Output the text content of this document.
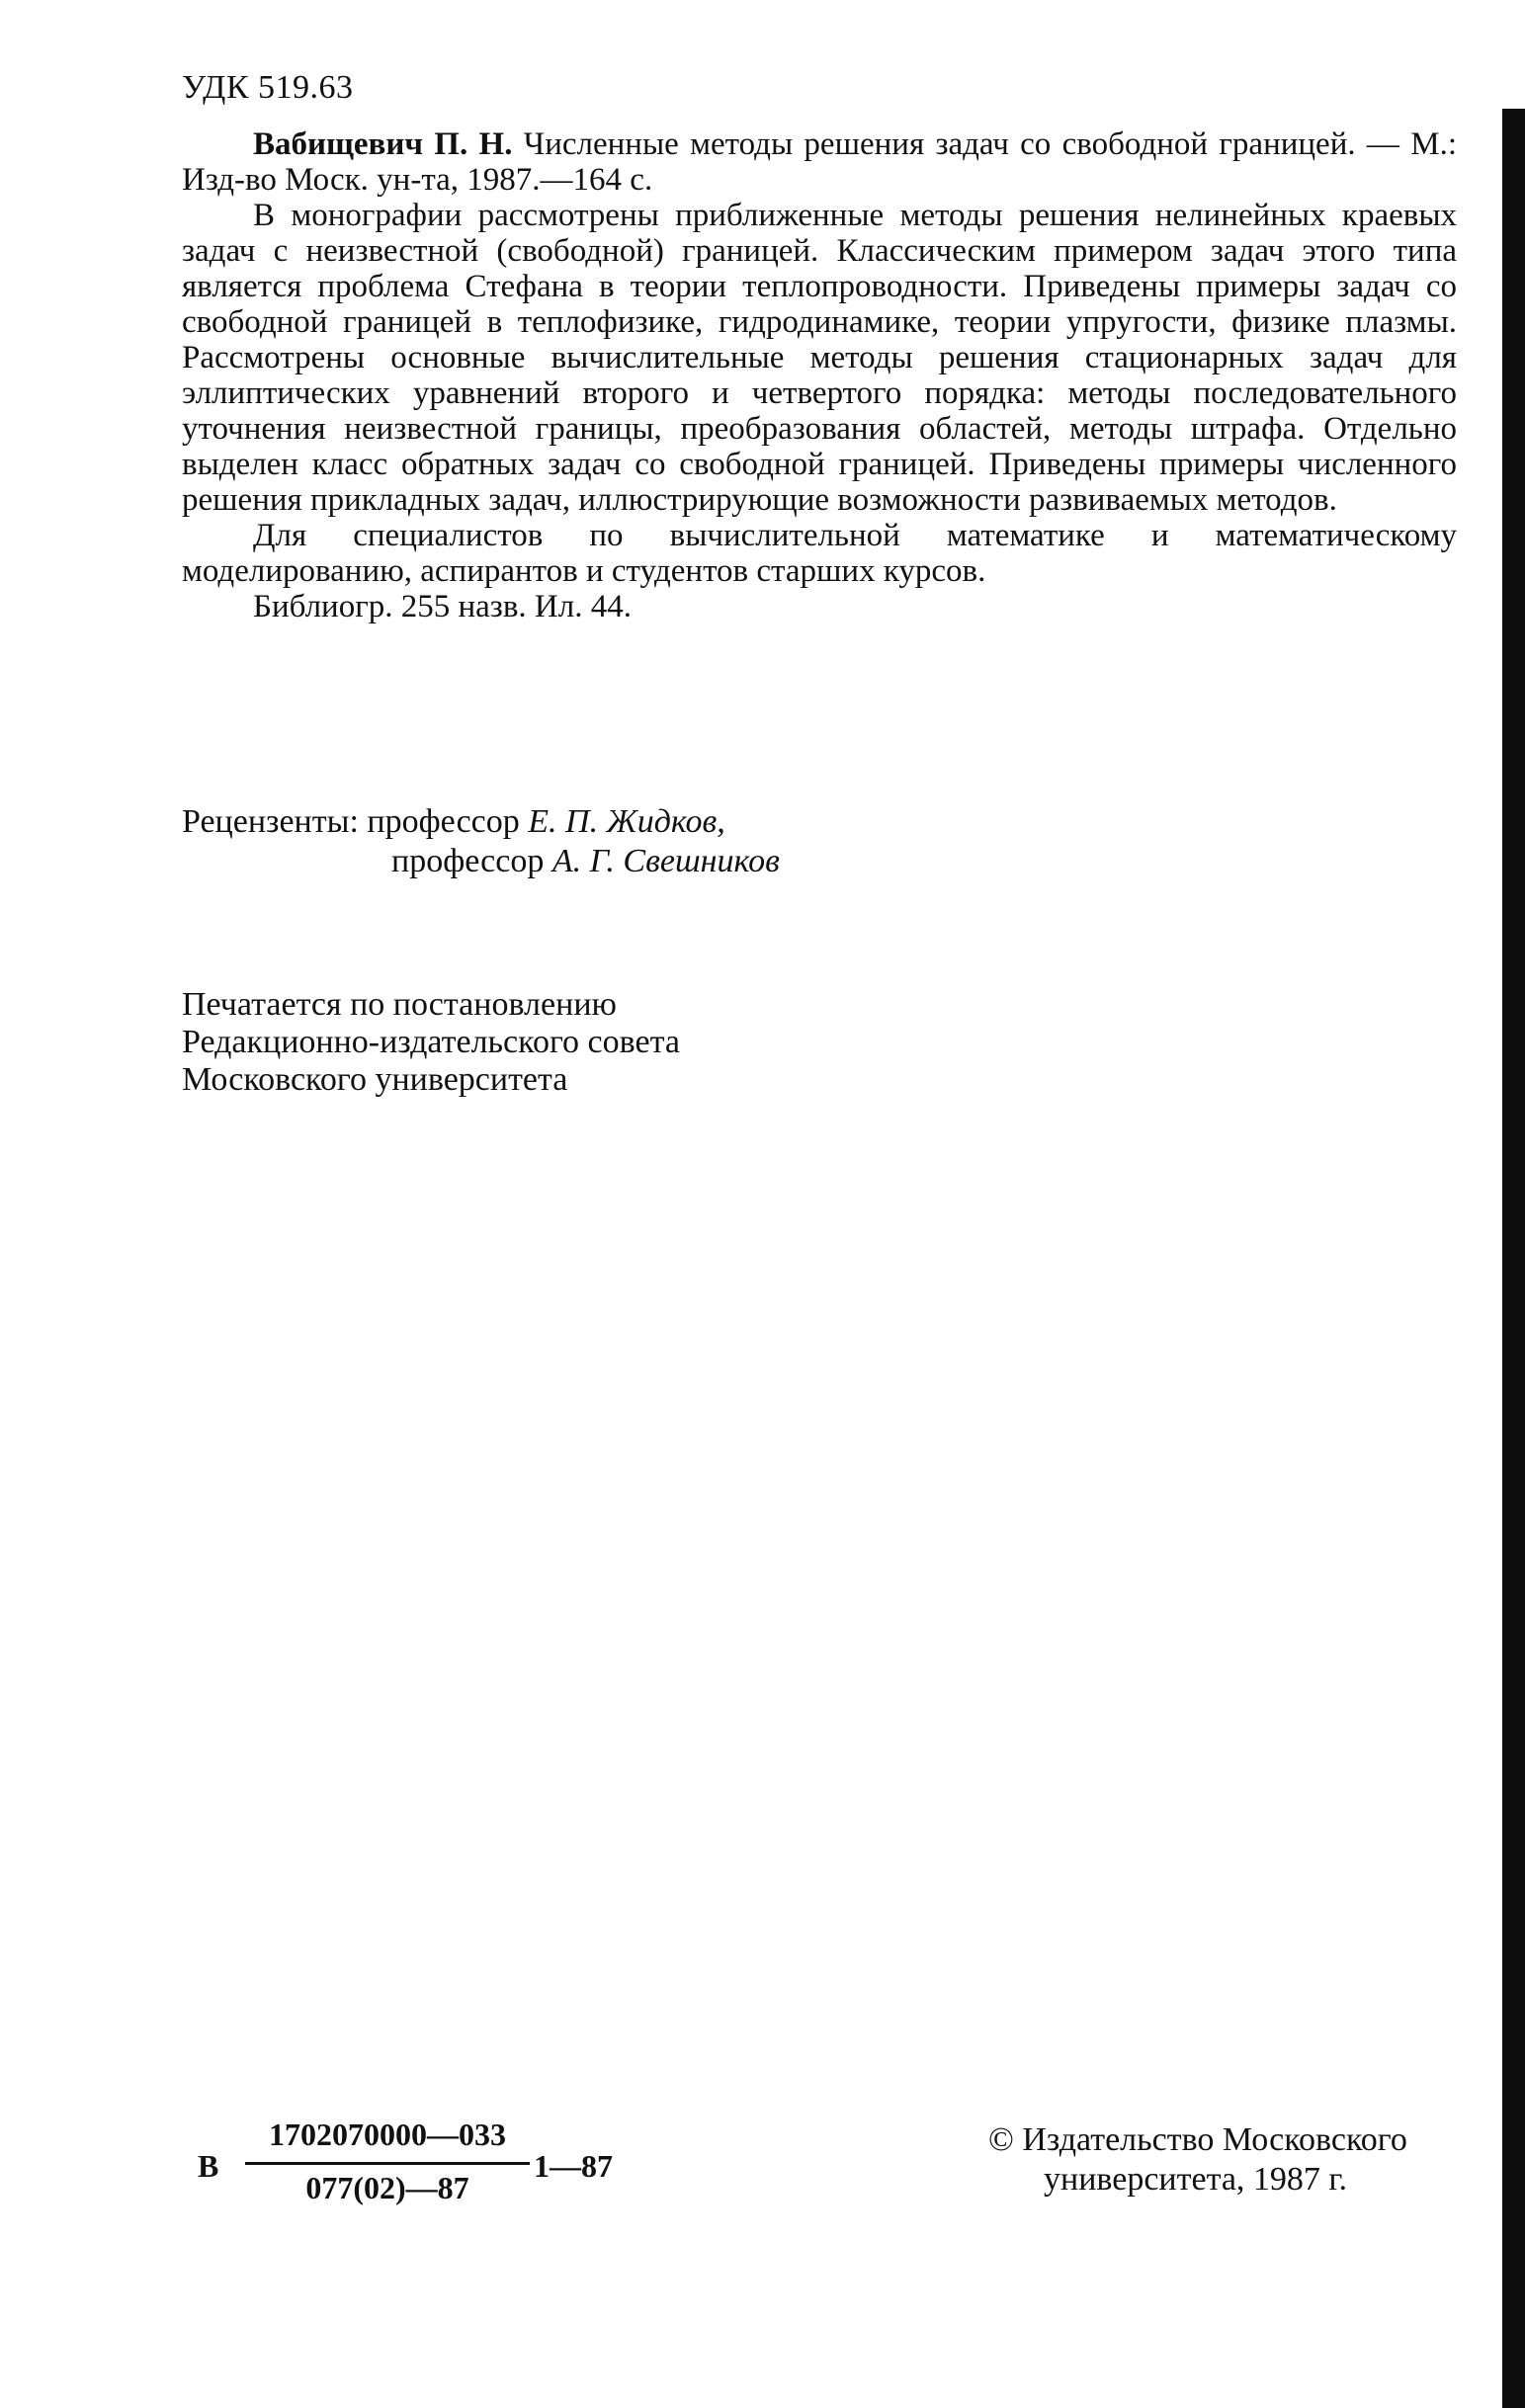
УДК 519.63

Вабищевич П. Н. Численные методы решения задач со свободной границей. — М.: Изд-во Моск. ун-та, 1987.—164 с.

В монографии рассмотрены приближенные методы решения нелинейных краевых задач с неизвестной (свободной) границей. Классическим примером задач этого типа является проблема Стефана в теории теплопроводности. Приведены примеры задач со свободной границей в теплофизике, гидродинамике, теории упругости, физике плазмы. Рассмотрены основные вычислительные методы решения стационарных задач для эллиптических уравнений второго и четвертого порядка: методы последовательного уточнения неизвестной границы, преобразования областей, методы штрафа. Отдельно выделен класс обратных задач со свободной границей. Приведены примеры численного решения прикладных задач, иллюстрирующие возможности развиваемых методов.

Для специалистов по вычислительной математике и математическому моделированию, аспирантов и студентов старших курсов.

Библиогр. 255 назв. Ил. 44.

Рецензенты: профессор Е. П. Жидков,
профессор А. Г. Свешников
Печатается по постановлению
Редакционно-издательского совета
Московского университета
В
1702070000—033
077(02)—87
1—87
© Издательство Московского
университета, 1987 г.
